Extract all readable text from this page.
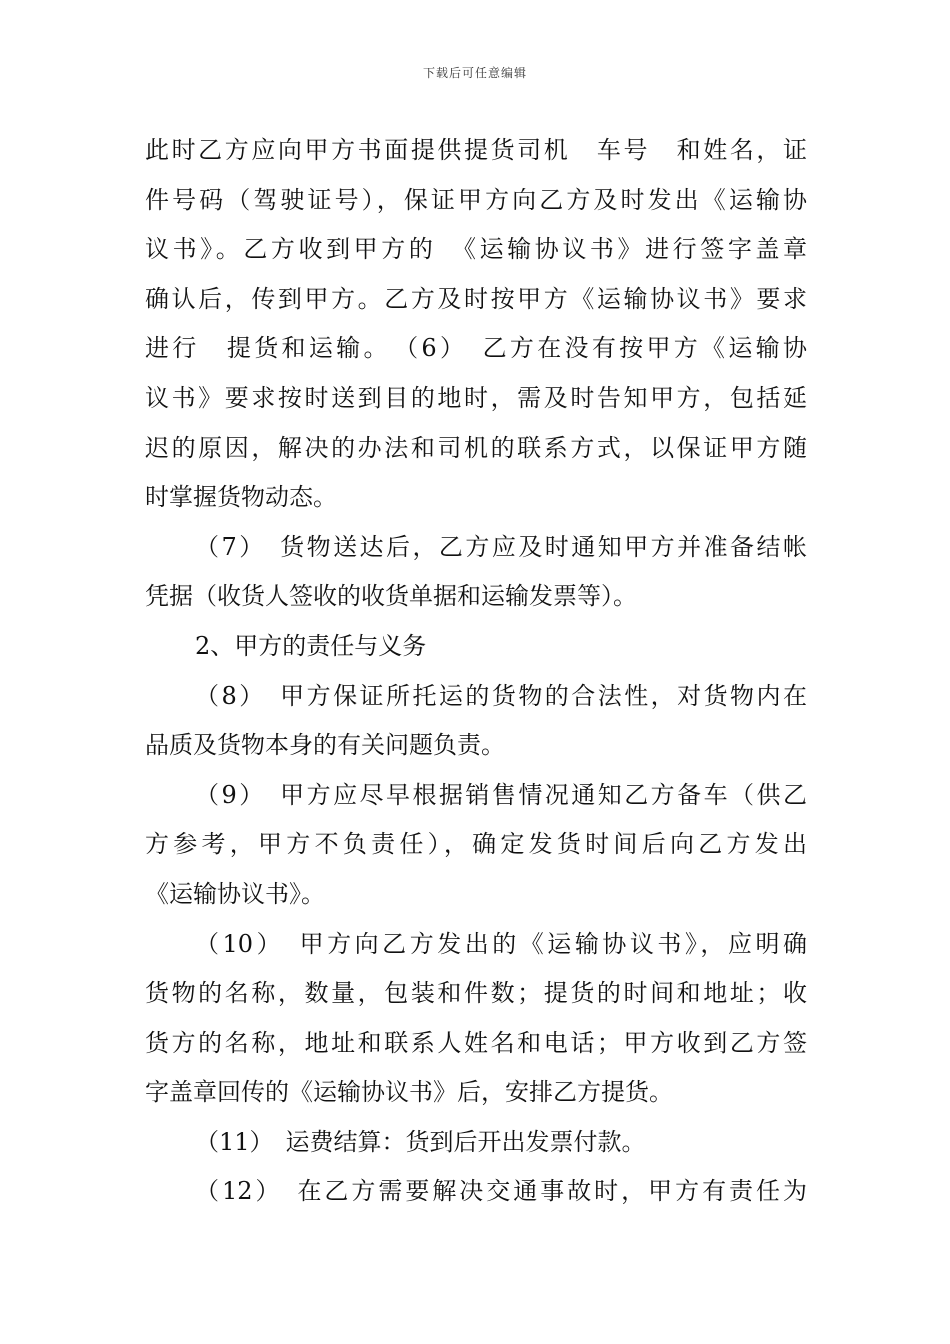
下载后可任意编辑
此时乙方应向甲方书面提供提货司机　车号　和姓名，证
件号码（驾驶证号），保证甲方向乙方及时发出《运输协
议书》。乙方收到甲方的　《运输协议书》进行签字盖章
确认后，传到甲方。乙方及时按甲方《运输协议书》要求
进行　提货和运输。　（6）　乙方在没有按甲方《运输协
议书》要求按时送到目的地时，需及时告知甲方，包括延
迟的原因，解决的办法和司机的联系方式，以保证甲方随
时掌握货物动态。
（7）　货物送达后，乙方应及时通知甲方并准备结帐
凭据（收货人签收的收货单据和运输发票等）。
2、甲方的责任与义务
（8）　甲方保证所托运的货物的合法性，对货物内在
品质及货物本身的有关问题负责。
（9）　甲方应尽早根据销售情况通知乙方备车（供乙
方参考，甲方不负责任），确定发货时间后向乙方发出
《运输协议书》。
（10）　甲方向乙方发出的《运输协议书》，应明确
货物的名称，数量，包装和件数；提货的时间和地址；收
货方的名称，地址和联系人姓名和电话；甲方收到乙方签
字盖章回传的《运输协议书》后，安排乙方提货。
（11）　运费结算：货到后开出发票付款。
（12）　在乙方需要解决交通事故时，甲方有责任为
